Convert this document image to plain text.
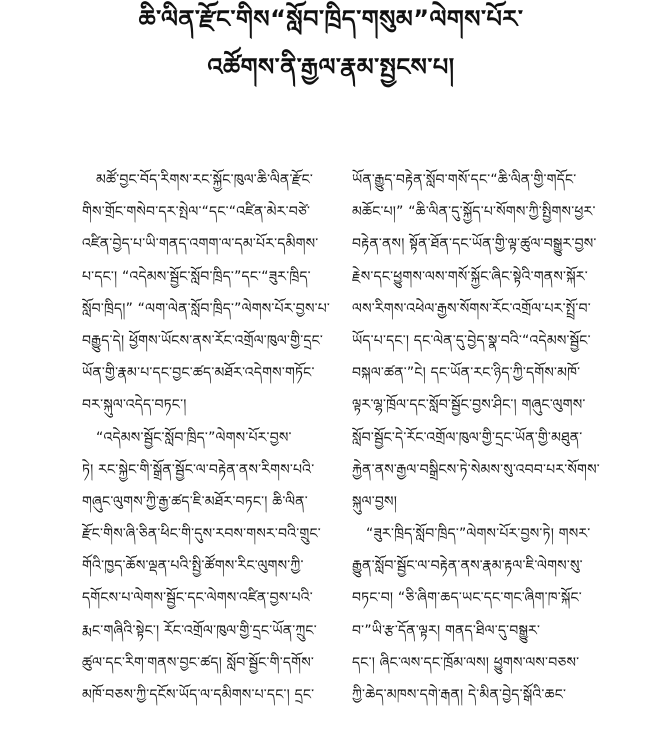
ཆི་ལིན་རྫོང་གིས“སློབ་ཁྲིད་གསུམ”ལེགས་པོར་
འཚོགས་ནི་རྒྱལ་རྣམ་སྤྱངས་པ།
མཚོ་བྱང་བོད་རིགས་རང་སྐྱོང་ཁུལ་ཆི་ལིན་རྫོང་
གིས་གྲོང་གསེབ་དར་སྤེལ་“དང་“འཛིན་མེར་བཙེ་
འཛིན་བྱེད་པ་ཡི་གནད་འགག་ལ་དམ་པོར་དམིགས་
པ་དང་། “འདེམས་སྦྱོང་སློབ་ཁྲིད་”དང་“ཟུར་ཁྲིད་
སློབ་ཁྲིད།” “ལག་ལེན་སློབ་ཁྲིད་”ལེགས་པོར་བྱས་པ་
བརྒྱུད་དེ། ཕྱོགས་ཡོངས་ནས་རོང་འགྲོལ་ཁུལ་གྱི་དྲང་
ཡོན་གྱི་རྣམ་པ་དང་བྱང་ཚད་མཐོར་འདེགས་གཏོང་
བར་སྐུལ་འདེད་བཏང་།
“འདེམས་སྦྱོང་སློབ་ཁྲིད་”ལེགས་པོར་བྱས་
ཏེ། རང་སྐྱེང་གི་སྒྲོན་སྦྱོང་ལ་བརྟེན་ནས་རིགས་པའི་
གཞུང་ལུགས་ཀྱི་རྒྱ་ཚད་ཇི་མཐོར་བཏང་། ཆི་ལིན་
རྫོང་གིས་ཞི་ཅིན་ཕིང་གི་དུས་རབས་གསར་བའི་གྲུང་
གོའི་ཁྱད་ཆོས་ལྡན་པའི་སྤྱི་ཚོགས་རིང་ལུགས་ཀྱི་
དགོངས་པ་ལེགས་སྦྱོང་དང་ལེགས་འཛིན་བྱས་པའི་
རྨང་གཞིའི་སྟེང་། རོང་འགྲོལ་ཁུལ་གྱི་དྲང་ཡོན་ཀྲུང་
ཚུལ་དང་རིག་གནས་བྱང་ཚད། སློབ་སྦྱོང་གི་དགོས་
མཁོ་བཅས་ཀྱི་དངོས་ཡོད་ལ་དམིགས་པ་དང་། དྲང་
ཡོན་རྒྱུད་བརྟེན་སློབ་གསོ་དང་“ཆི་ལིན་གྱི་གདོང་
མཆོང་པ།” “ཆི་ལིན་དུ་སྐྱོད་པ་སོགས་ཀྱི་སྤྱིགས་ཕྱར་
བརྟེན་ནས། སྟོན་ཐོན་དང་ཡོན་གྱི་ལྟ་ཚུལ་བསྒྱུར་བྱས་
རྗེས་དང་ཕྱུགས་ལས་གསོ་སྐྱོང་ཞིང་སྟེའི་གནས་སྐོར་
ལས་རིགས་འཕེལ་རྒྱས་སོགས་རོང་འགྲོལ་པར་སྤྲོ་བ་
ཡོད་པ་དང་། དང་ལེན་དུ་བྱེད་སྣ་བའི་“འདེམས་སྦྱོང་
བསྐལ་ཚན་”ངེ། དང་ཡོན་རང་ཉིད་ཀྱི་དགོས་མཁོ་
ལྟར་ལྷ་ཁྲོལ་དང་སློབ་སྦྱོང་བྱས་ཤིང་། གཞུང་ལུགས་
སློབ་སྦྱོང་དེ་རོང་འགྲོལ་ཁུལ་གྱི་དྲང་ཡོན་གྱི་མཐུན་
རྐྱེན་ནས་རྒྱལ་བསྒྲིངས་ཏེ་སེམས་སུ་འབབ་པར་སོགས་
སྐུལ་བྱས།
“ཟུར་ཁྲིད་སློབ་ཁྲིད་”ལེགས་པོར་བྱས་ཏེ། གསར་
རྒྱུན་སློབ་སྦྱོང་ལ་བརྟེན་ནས་རྣམ་རྟལ་ཇི་ལེགས་སུ་
བཏང་བ། “ཅི་ཞིག་ཆད་ཡང་དང་གང་ཞིག་ཁ་སྐོང་
བ་”ཡི་རྩ་དོན་ལྟར། གནད་ཐིལ་དུ་བསྒྱུར་
དང་། ཞིང་ལས་དང་ཁྲོམ་ལས། ཕྱུགས་ལས་བཅས་
ཀྱི་ཆེད་མཁས་དགེ་རྒན། དེ་མིན་བྱེད་སྒོའི་ཆང་
